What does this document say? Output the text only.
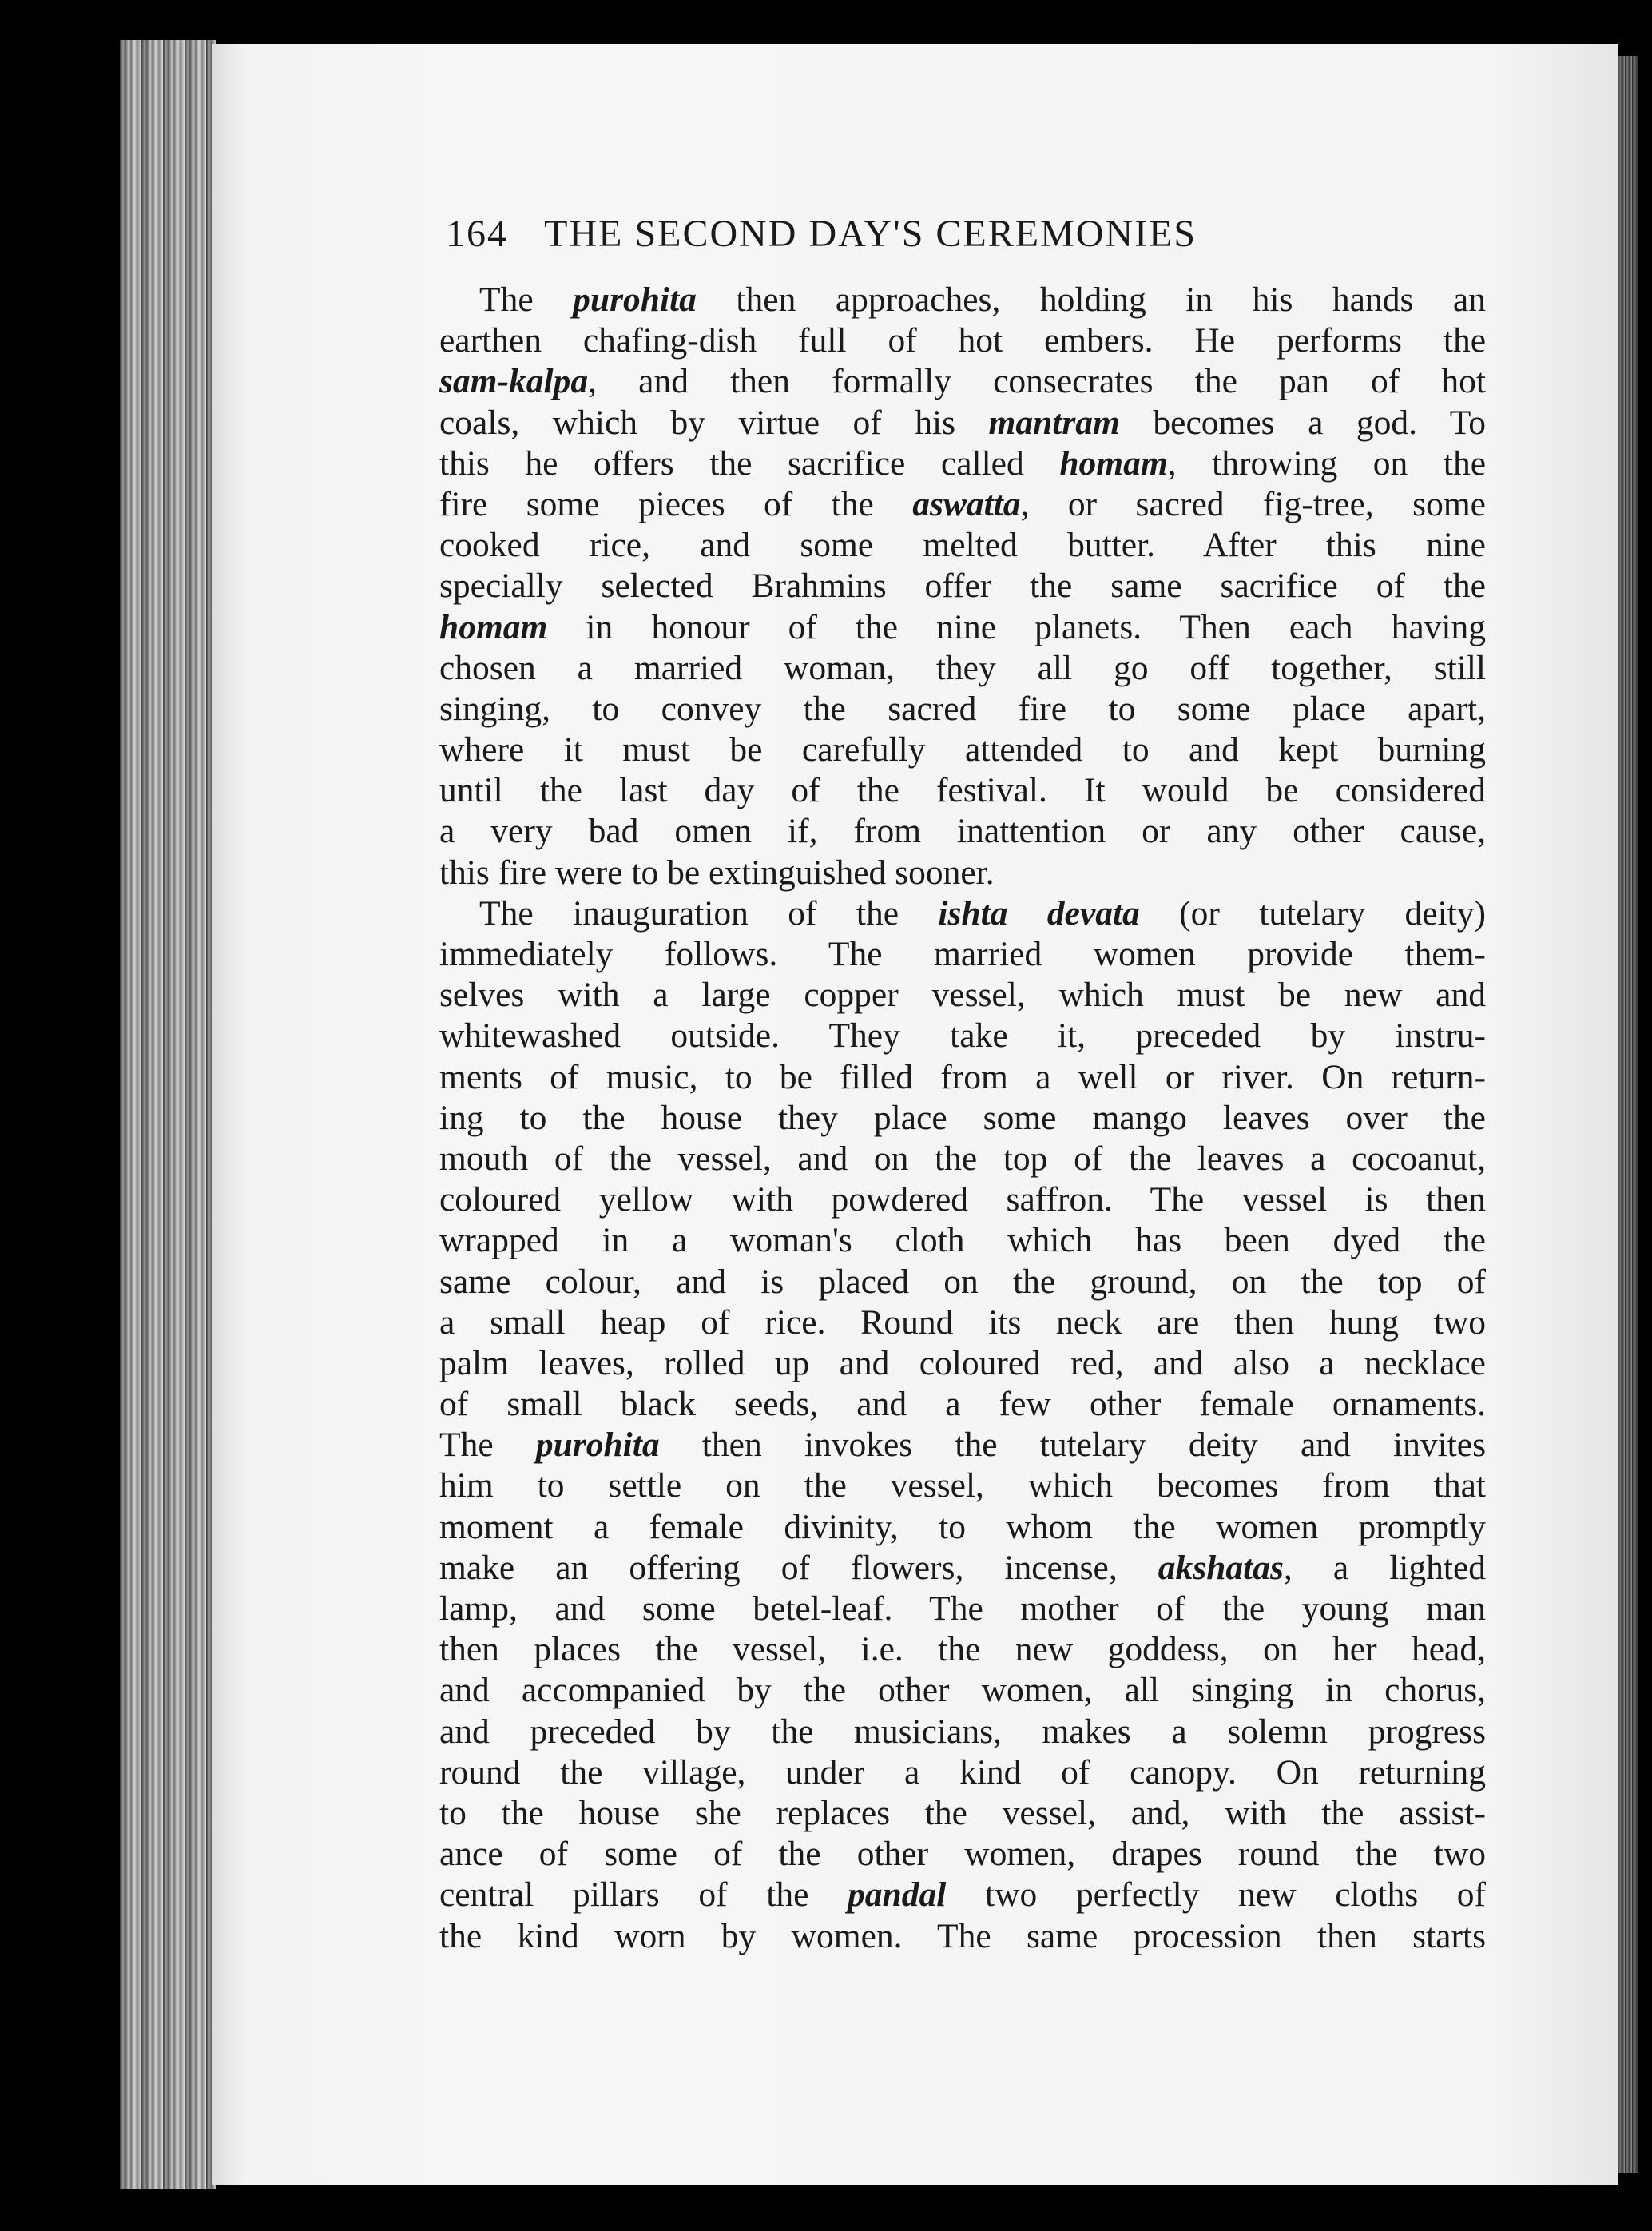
164 THE SECOND DAY'S CEREMONIES
The purohita then approaches, holding in his hands an
earthen chafing-dish full of hot embers. He performs the
sam-kalpa, and then formally consecrates the pan of hot
coals, which by virtue of his mantram becomes a god. To
this he offers the sacrifice called homam, throwing on the
fire some pieces of the aswatta, or sacred fig-tree, some
cooked rice, and some melted butter. After this nine
specially selected Brahmins offer the same sacrifice of the
homam in honour of the nine planets. Then each having
chosen a married woman, they all go off together, still
singing, to convey the sacred fire to some place apart,
where it must be carefully attended to and kept burning
until the last day of the festival. It would be considered
a very bad omen if, from inattention or any other cause,
this fire were to be extinguished sooner.
The inauguration of the ishta devata (or tutelary deity)
immediately follows. The married women provide them-
selves with a large copper vessel, which must be new and
whitewashed outside. They take it, preceded by instru-
ments of music, to be filled from a well or river. On return-
ing to the house they place some mango leaves over the
mouth of the vessel, and on the top of the leaves a cocoanut,
coloured yellow with powdered saffron. The vessel is then
wrapped in a woman's cloth which has been dyed the
same colour, and is placed on the ground, on the top of
a small heap of rice. Round its neck are then hung two
palm leaves, rolled up and coloured red, and also a necklace
of small black seeds, and a few other female ornaments.
The purohita then invokes the tutelary deity and invites
him to settle on the vessel, which becomes from that
moment a female divinity, to whom the women promptly
make an offering of flowers, incense, akshatas, a lighted
lamp, and some betel-leaf. The mother of the young man
then places the vessel, i.e. the new goddess, on her head,
and accompanied by the other women, all singing in chorus,
and preceded by the musicians, makes a solemn progress
round the village, under a kind of canopy. On returning
to the house she replaces the vessel, and, with the assist-
ance of some of the other women, drapes round the two
central pillars of the pandal two perfectly new cloths of
the kind worn by women. The same procession then starts
